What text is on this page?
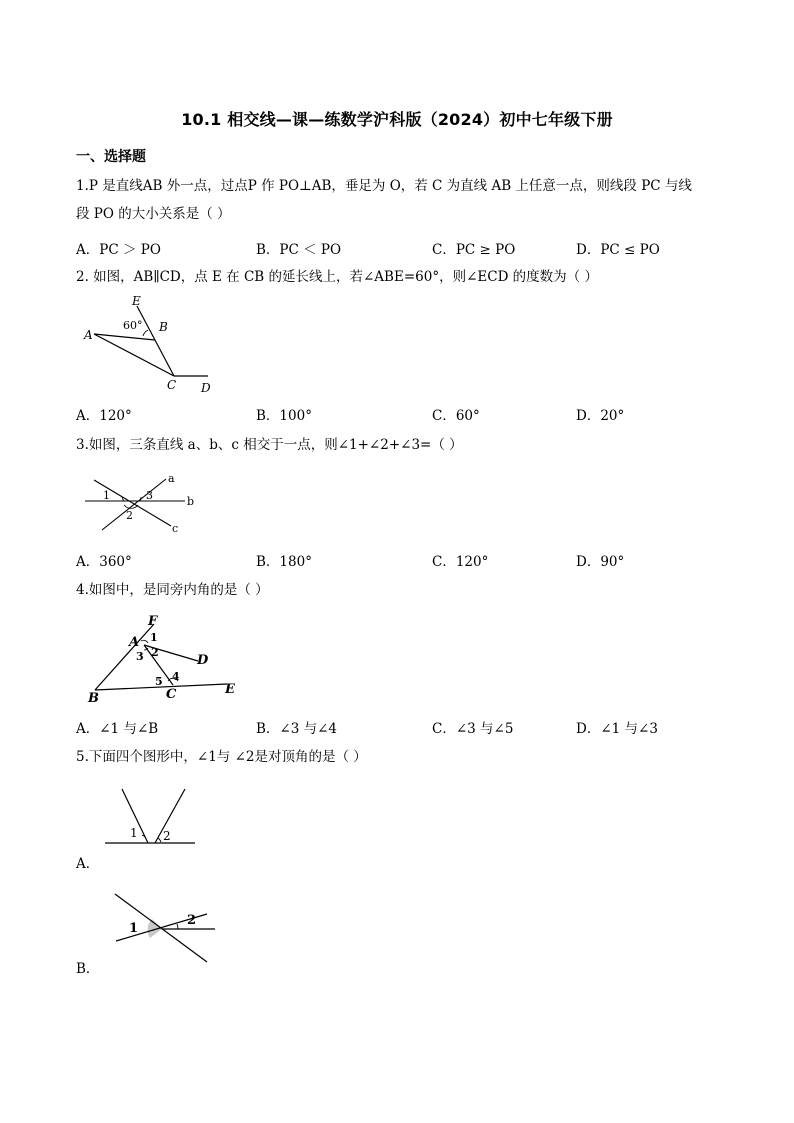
10.1 相交线—课—练数学沪科版（2024）初中七年级下册
一、选择题
1.P 是直线AB 外一点，过点P 作 PO⊥AB，垂足为 O，若 C 为直线 AB 上任意一点，则线段 PC 与线
段 PO 的大小关系是（ ）
A．PC ＞ PO	B．PC ＜ PO	C．PC ≥ PO	D．PC ≤ PO
2. 如图，AB∥CD，点 E 在 CB 的延长线上，若∠ABE=60°，则∠ECD 的度数为（ ）
E
60° B
A
C D
A．120°	B．100°	C．60°	D．20°
3.如图，三条直线 a、b、c 相交于一点，则∠1+∠2+∠3=（ ）
a
b
c
1
2
3
A．360°	B．180°	C．120°	D．90°
4.如图中，是同旁内角的是（ ）
F
A
D
B	C	E
1
2
3
4
5
A．∠1 与∠B	B．∠3 与∠4	C．∠3 与∠5	D．∠1 与∠3
5.下面四个图形中，∠1与 ∠2是对顶角的是（ ）
1 2
A．
1
2
B．
